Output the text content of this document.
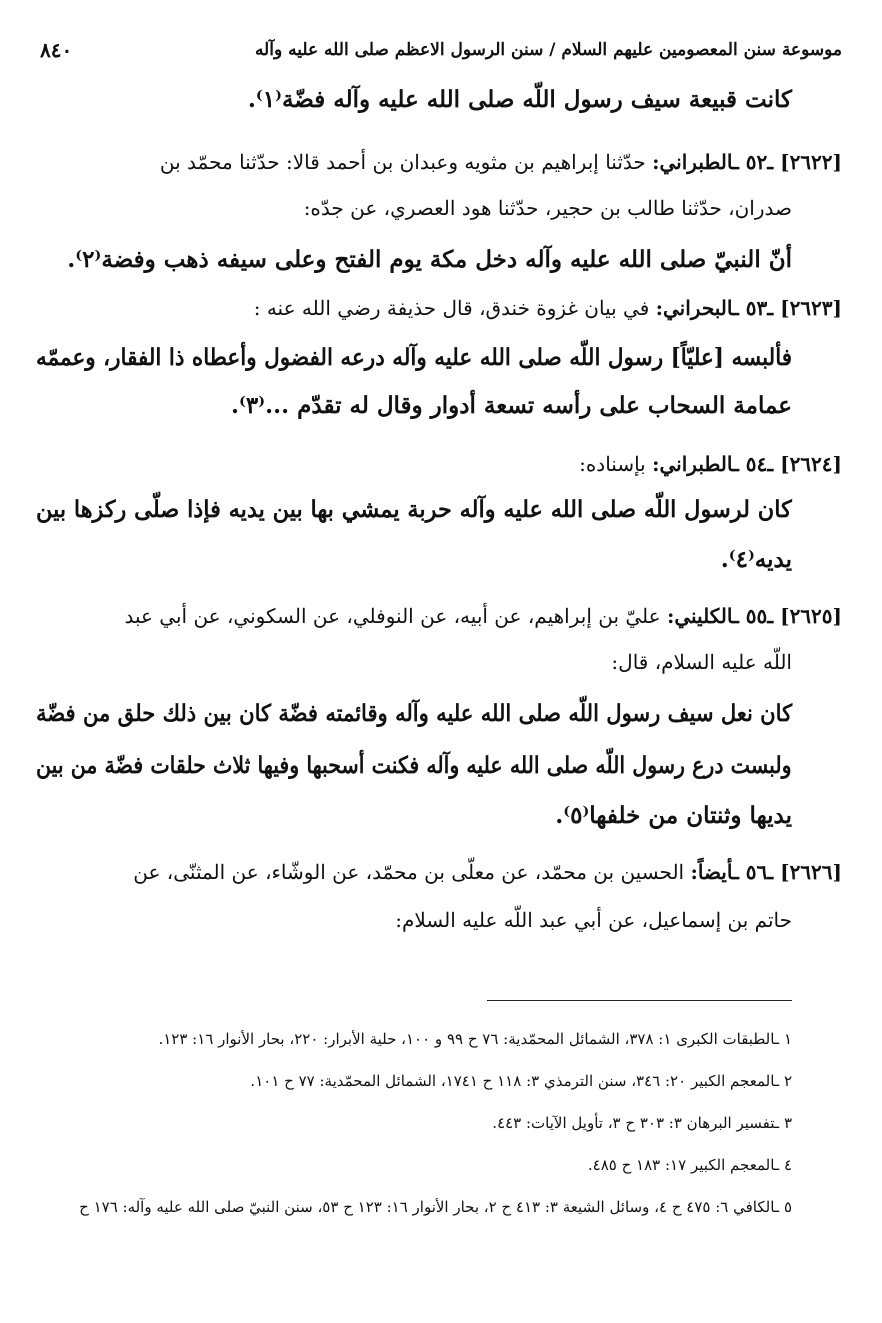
موسوعة سنن المعصومين عليهم السلام / سنن الرسول الاعظم صلى الله عليه وآله
٨٤٠
كانت قبيعة سيف رسول اللّه صلى الله عليه وآله فضّة⁽١⁾.
[٢٦٢٢] ـ٥٢ ـالطبراني: حدّثنا إبراهيم بن مثويه وعبدان بن أحمد قالا: حدّثنا محمّد بن
صدران، حدّثنا طالب بن حجير، حدّثنا هود العصري، عن جدّه:
أنّ النبيّ صلى الله عليه وآله دخل مكة يوم الفتح وعلى سيفه ذهب وفضة⁽٢⁾.
[٢٦٢٣] ـ٥٣ ـالبحراني: في بيان غزوة خندق، قال حذيفة رضي الله عنه :
فألبسه [عليّاً] رسول اللّه صلى الله عليه وآله درعه الفضول وأعطاه ذا الفقار، وعممّه
عمامة السحاب على رأسه تسعة أدوار وقال له تقدّم ...⁽٣⁾.
[٢٦٢٤] ـ٥٤ ـالطبراني: بإسناده:
كان لرسول اللّه صلى الله عليه وآله حربة يمشي بها بين يديه فإذا صلّى ركزها بين
يديه⁽٤⁾.
[٢٦٢٥] ـ٥٥ ـالكليني: عليّ بن إبراهيم، عن أبيه، عن النوفلي، عن السكوني، عن أبي عبد
اللّه عليه السلام، قال:
كان نعل سيف رسول اللّه صلى الله عليه وآله وقائمته فضّة كان بين ذلك حلق من فضّة
ولبست درع رسول اللّه صلى الله عليه وآله فكنت أسحبها وفيها ثلاث حلقات فضّة من بين
يديها وثنتان من خلفها⁽٥⁾.
[٢٦٢٦] ـ٥٦ ـأيضاً: الحسين بن محمّد، عن معلّى بن محمّد، عن الوشّاء، عن المثنّى، عن
حاتم بن إسماعيل، عن أبي عبد اللّه عليه السلام:
١ ـالطبقات الكبرى ١: ٣٧٨، الشمائل المحمّدية: ٧٦ ح ٩٩ و ١٠٠، حلية الأبرار: ٢٢٠، بحار الأنوار ١٦: ١٢٣.
٢ ـالمعجم الكبير ٢٠: ٣٤٦، سنن الترمذي ٣: ١١٨ ح ١٧٤١، الشمائل المحمّدية: ٧٧ ح ١٠١.
٣ ـتفسير البرهان ٣: ٣٠٣ ح ٣، تأويل الآيات: ٤٤٣.
٤ ـالمعجم الكبير ١٧: ١٨٣ ح ٤٨٥.
٥ ـالكافي ٦: ٤٧٥ ح ٤، وسائل الشيعة ٣: ٤١٣ ح ٢، بحار الأنوار ١٦: ١٢٣ ح ٥٣، سنن النبيّ صلى الله عليه وآله: ١٧٦ ح
